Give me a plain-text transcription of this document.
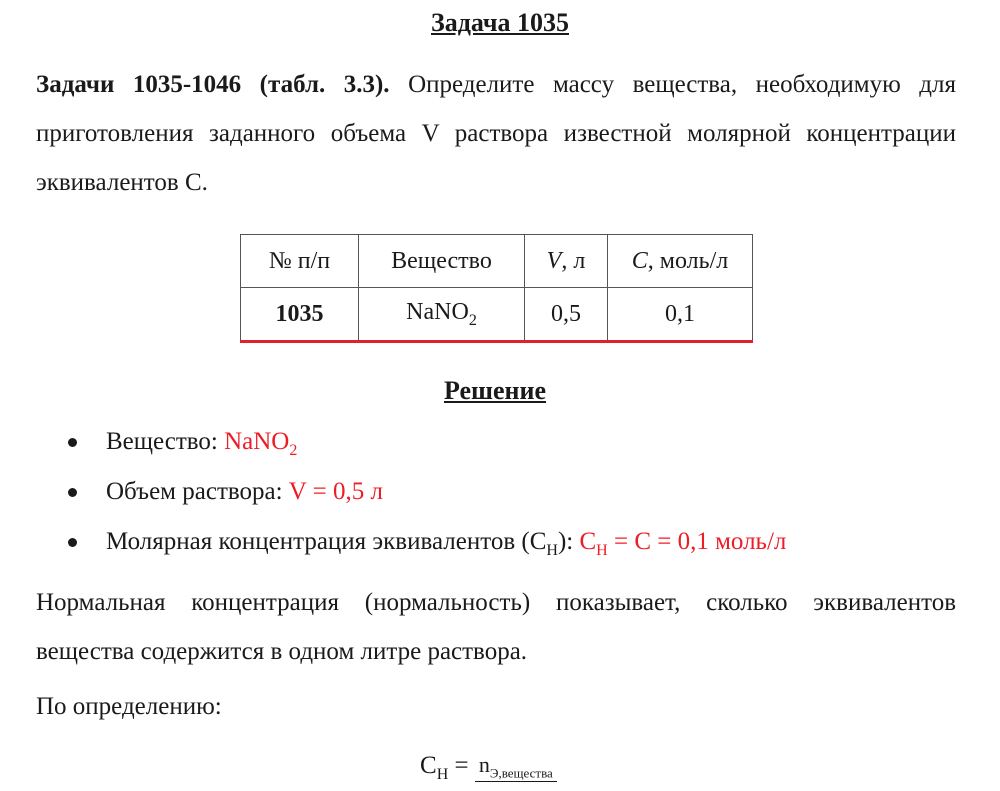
Задача 1035
Задачи 1035-1046 (табл. 3.3). Определите массу вещества, необходимую для приготовления заданного объема V раствора известной молярной концентрации эквивалентов С.
№ п/п	Вещество	V, л	C, моль/л
1035	NaNO$_2$	0,5	0,1
Решение
Вещество: NaNO$_2$
Объем раствора: V = 0,5 л
Молярная концентрация эквивалентов $(С_Н)$: $С_Н = С = 0,1$ моль/л
Нормальная концентрация (нормальность) показывает, сколько эквивалентов вещества содержится в одном литре раствора.
По определению:
$С_Н = n_{Э,вещества}$
